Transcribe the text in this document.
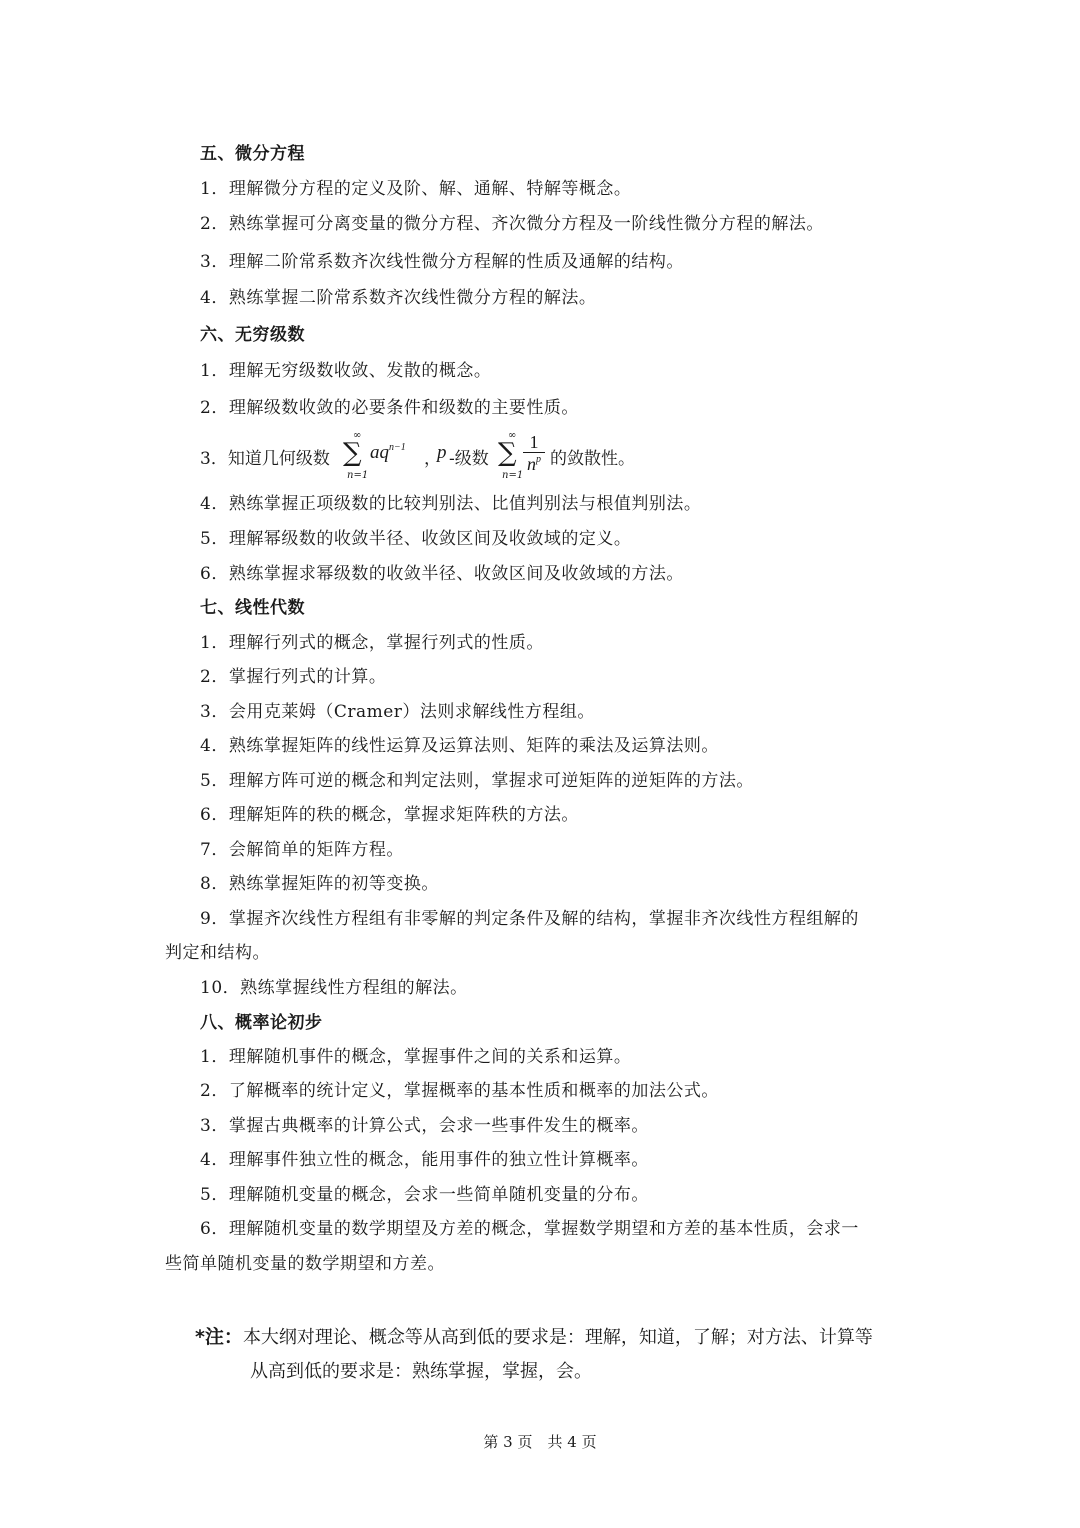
五、微分方程
1．理解微分方程的定义及阶、解、通解、特解等概念。
2．熟练掌握可分离变量的微分方程、齐次微分方程及一阶线性微分方程的解法。
3．理解二阶常系数齐次线性微分方程解的性质及通解的结构。
4．熟练掌握二阶常系数齐次线性微分方程的解法。
六、无穷级数
1．理解无穷级数收敛、发散的概念。
2．理解级数收敛的必要条件和级数的主要性质。
3．知道几何级数
∞
∑
n=1
$aq^{n-1}$
，
p -级数
∞
∑
$n=1 \frac{1}{n^p}$ 的敛散性。
4．熟练掌握正项级数的比较判别法、比值判别法与根值判别法。
5．理解幂级数的收敛半径、收敛区间及收敛域的定义。
6．熟练掌握求幂级数的收敛半径、收敛区间及收敛域的方法。
七、线性代数
1．理解行列式的概念，掌握行列式的性质。
2．掌握行列式的计算。
3．会用克莱姆（Cramer）法则求解线性方程组。
4．熟练掌握矩阵的线性运算及运算法则、矩阵的乘法及运算法则。
5．理解方阵可逆的概念和判定法则，掌握求可逆矩阵的逆矩阵的方法。
6．理解矩阵的秩的概念，掌握求矩阵秩的方法。
7．会解简单的矩阵方程。
8．熟练掌握矩阵的初等变换。
9．掌握齐次线性方程组有非零解的判定条件及解的结构，掌握非齐次线性方程组解的
判定和结构。
10．熟练掌握线性方程组的解法。
八、概率论初步
1．理解随机事件的概念，掌握事件之间的关系和运算。
2．了解概率的统计定义，掌握概率的基本性质和概率的加法公式。
3．掌握古典概率的计算公式，会求一些事件发生的概率。
4．理解事件独立性的概念，能用事件的独立性计算概率。
5．理解随机变量的概念，会求一些简单随机变量的分布。
6．理解随机变量的数学期望及方差的概念，掌握数学期望和方差的基本性质，会求一
些简单随机变量的数学期望和方差。
*注：本大纲对理论、概念等从高到低的要求是：理解，知道，了解；对方法、计算等
从高到低的要求是：熟练掌握，掌握，会。
第 3 页　共 4 页
